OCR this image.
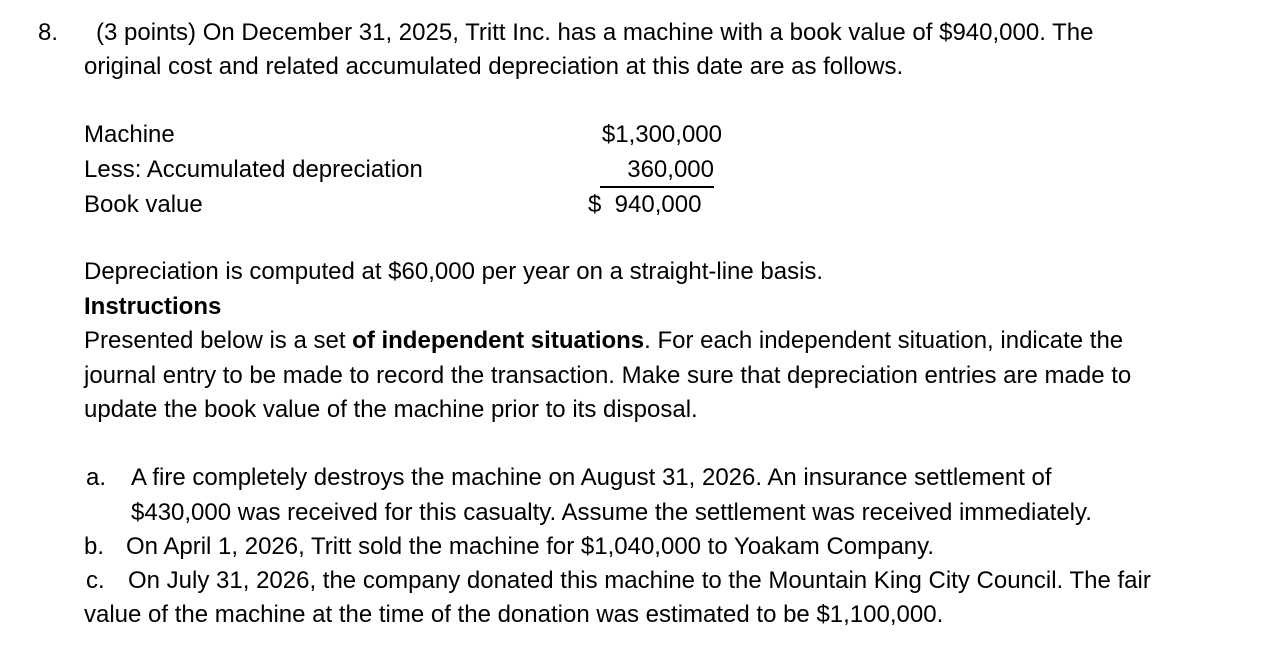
8. (3 points) On December 31, 2025, Tritt Inc. has a machine with a book value of $940,000. The
original cost and related accumulated depreciation at this date are as follows.
Machine	$1,300,000
Less: Accumulated depreciation	360,000
Book value	$  940,000
Depreciation is computed at $60,000 per year on a straight-line basis.
Instructions
Presented below is a set of independent situations. For each independent situation, indicate the
journal entry to be made to record the transaction. Make sure that depreciation entries are made to
update the book value of the machine prior to its disposal.
a. A fire completely destroys the machine on August 31, 2026. An insurance settlement of
$430,000 was received for this casualty. Assume the settlement was received immediately.
b. On April 1, 2026, Tritt sold the machine for $1,040,000 to Yoakam Company.
c. On July 31, 2026, the company donated this machine to the Mountain King City Council. The fair
value of the machine at the time of the donation was estimated to be $1,100,000.
